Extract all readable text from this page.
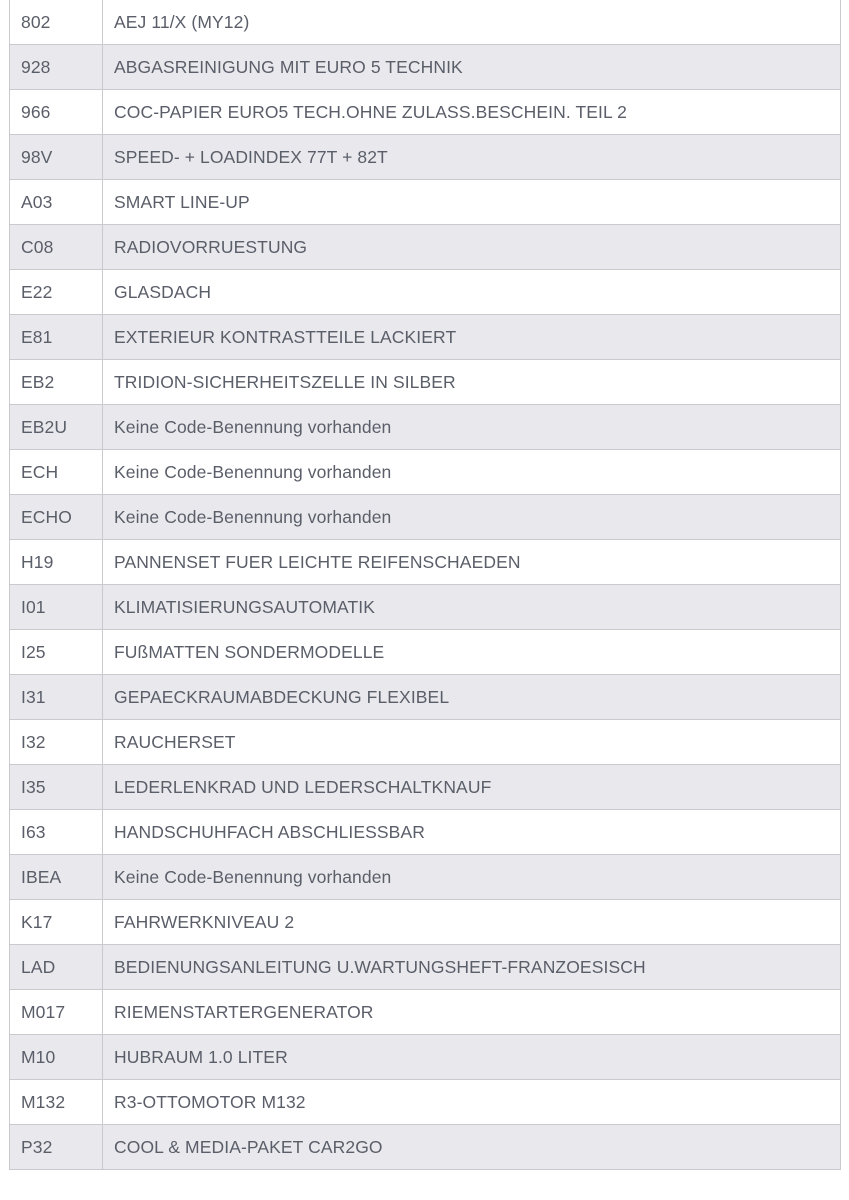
802	AEJ 11/X (MY12)
928	ABGASREINIGUNG MIT EURO 5 TECHNIK
966	COC-PAPIER EURO5 TECH.OHNE ZULASS.BESCHEIN. TEIL 2
98V	SPEED- + LOADINDEX 77T + 82T
A03	SMART LINE-UP
C08	RADIOVORRUESTUNG
E22	GLASDACH
E81	EXTERIEUR KONTRASTTEILE LACKIERT
EB2	TRIDION-SICHERHEITSZELLE IN SILBER
EB2U	Keine Code-Benennung vorhanden
ECH	Keine Code-Benennung vorhanden
ECHO	Keine Code-Benennung vorhanden
H19	PANNENSET FUER LEICHTE REIFENSCHAEDEN
I01	KLIMATISIERUNGSAUTOMATIK
I25	FUßMATTEN SONDERMODELLE
I31	GEPAECKRAUMABDECKUNG FLEXIBEL
I32	RAUCHERSET
I35	LEDERLENKRAD UND LEDERSCHALTKNAUF
I63	HANDSCHUHFACH ABSCHLIESSBAR
IBEA	Keine Code-Benennung vorhanden
K17	FAHRWERKNIVEAU 2
LAD	BEDIENUNGSANLEITUNG U.WARTUNGSHEFT-FRANZOESISCH
M017	RIEMENSTARTERGENERATOR
M10	HUBRAUM 1.0 LITER
M132	R3-OTTOMOTOR M132
P32	COOL & MEDIA-PAKET CAR2GO
